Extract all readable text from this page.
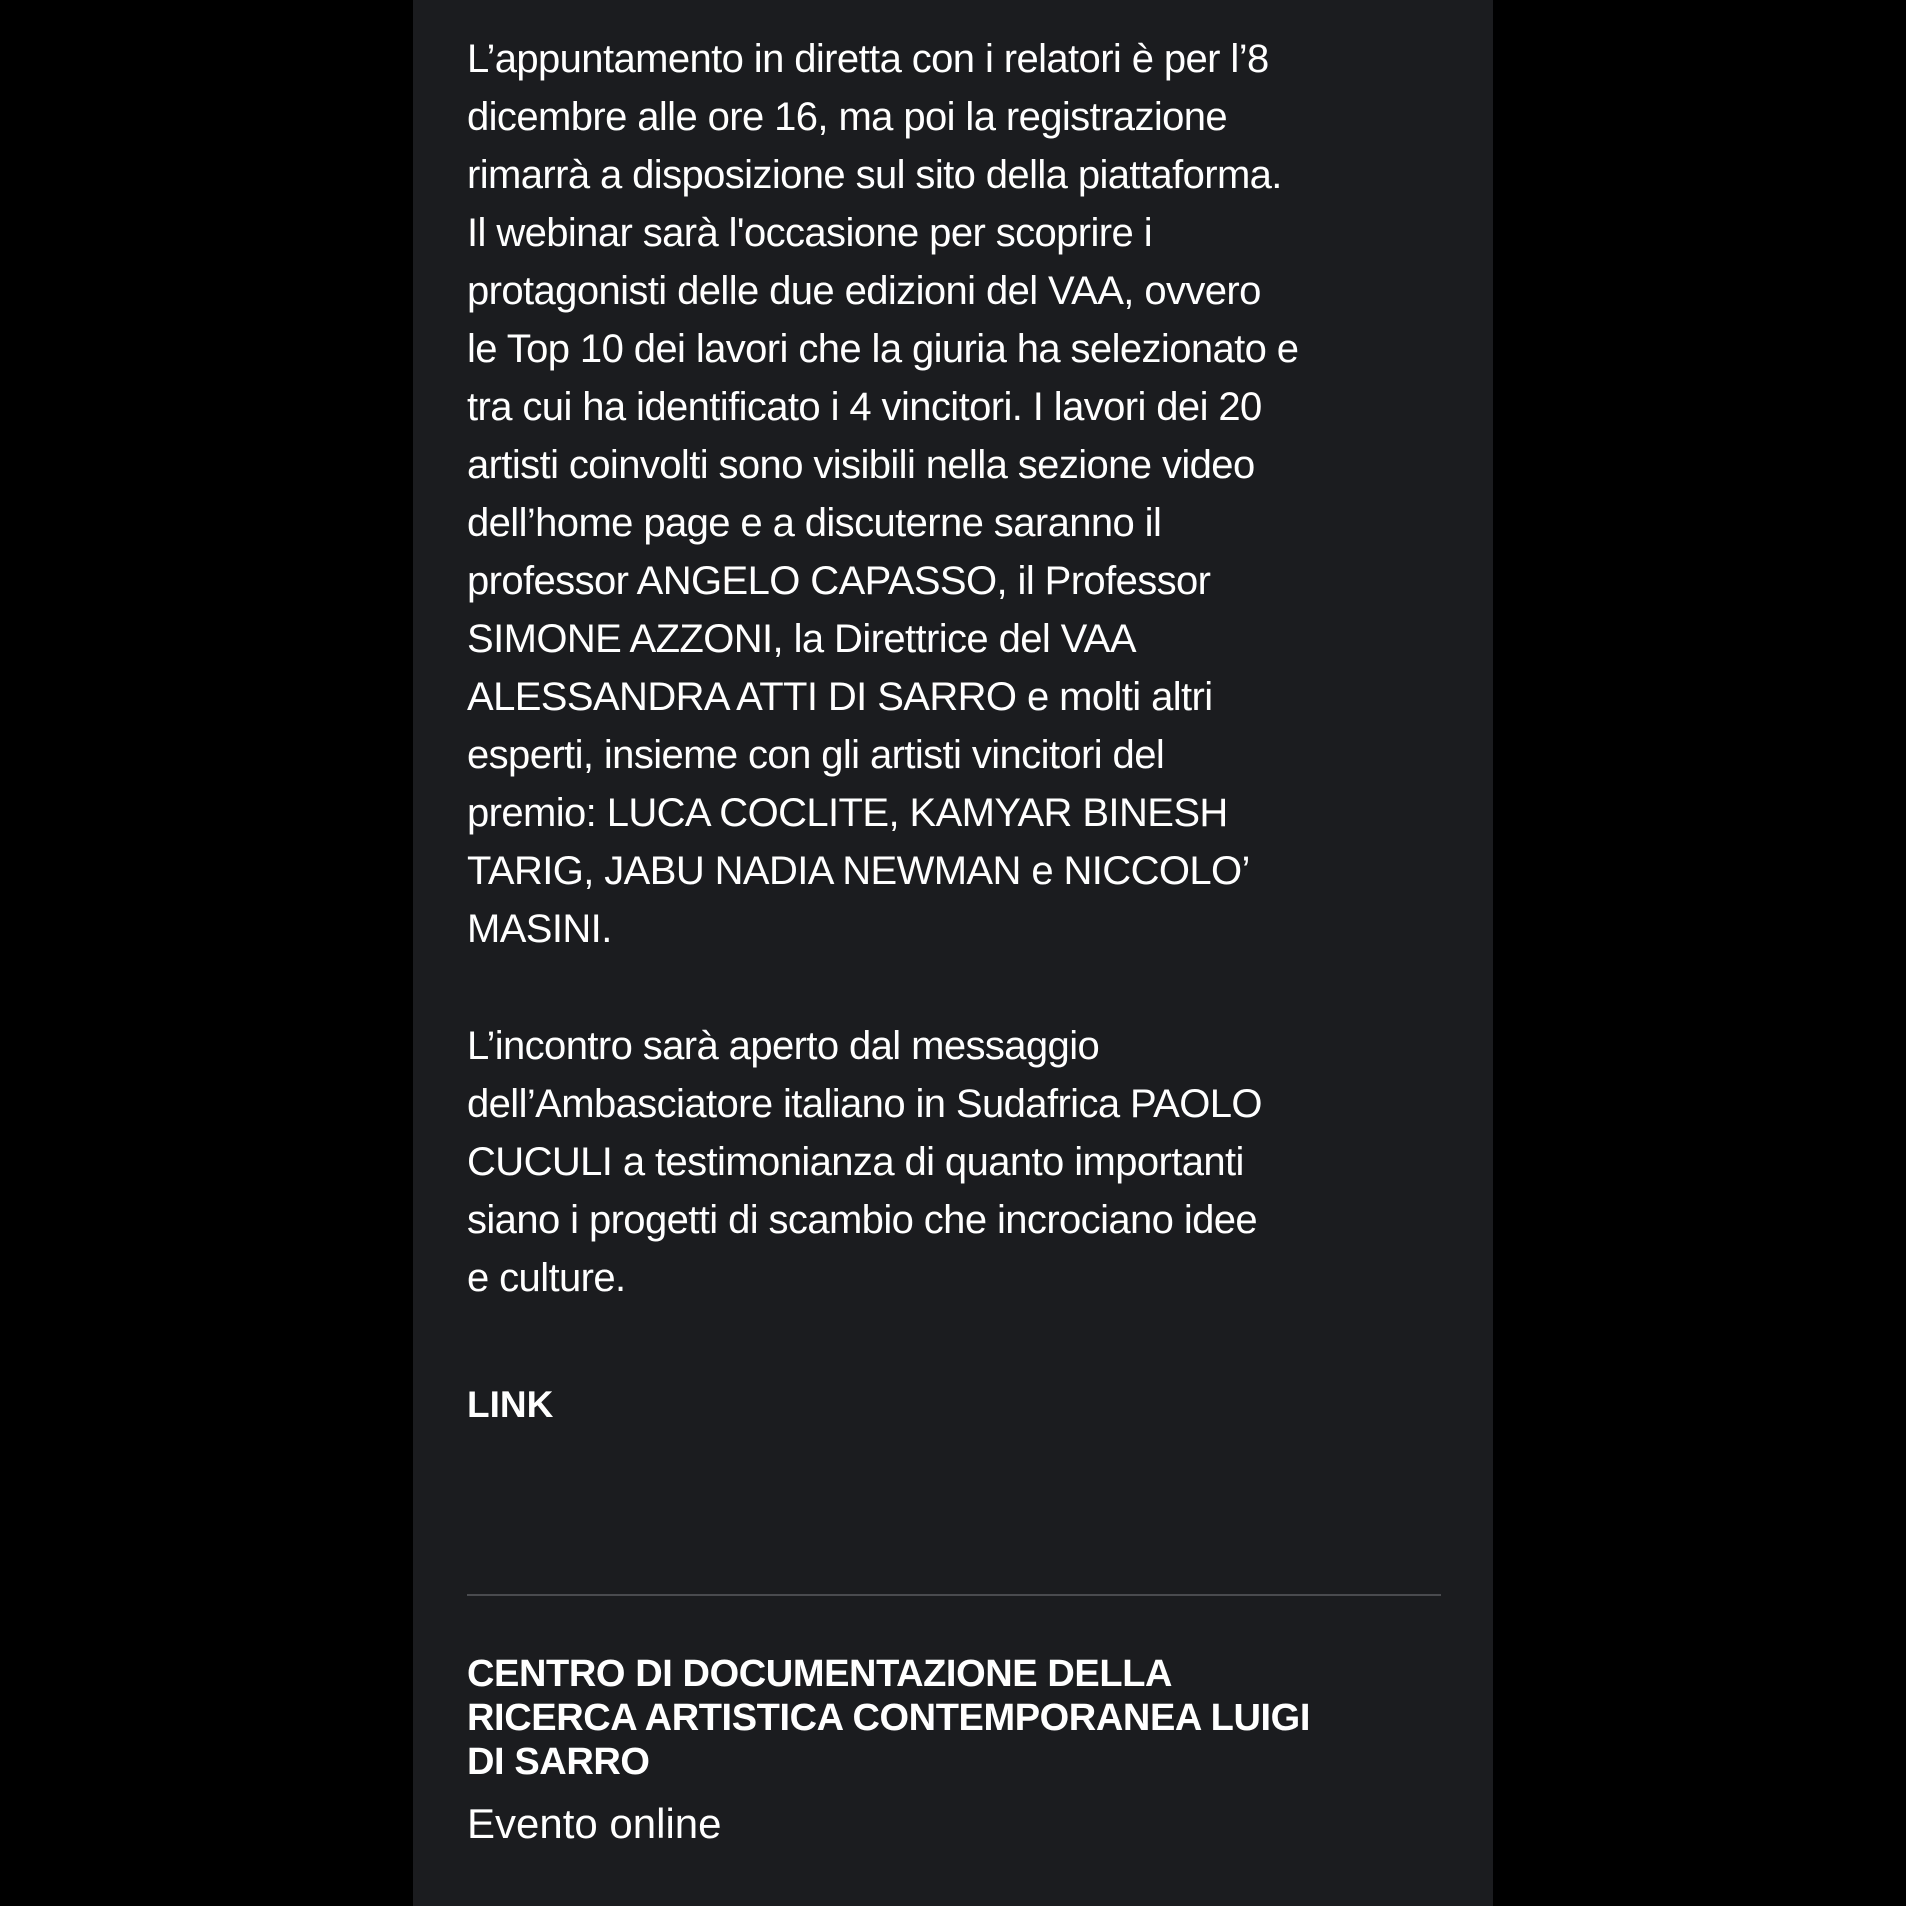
L’appuntamento in diretta con i relatori è per l’8
dicembre alle ore 16, ma poi la registrazione
rimarrà a disposizione sul sito della piattaforma.
Il webinar sarà l'occasione per scoprire i
protagonisti delle due edizioni del VAA, ovvero
le Top 10 dei lavori che la giuria ha selezionato e
tra cui ha identificato i 4 vincitori. I lavori dei 20
artisti coinvolti sono visibili nella sezione video
dell’home page e a discuterne saranno il
professor ANGELO CAPASSO, il Professor
SIMONE AZZONI, la Direttrice del VAA
ALESSANDRA ATTI DI SARRO e molti altri
esperti, insieme con gli artisti vincitori del
premio: LUCA COCLITE, KAMYAR BINESH
TARIG, JABU NADIA NEWMAN e NICCOLO’
MASINI.

L’incontro sarà aperto dal messaggio
dell’Ambasciatore italiano in Sudafrica PAOLO
CUCULI a testimonianza di quanto importanti
siano i progetti di scambio che incrociano idee
e culture.

LINK
CENTRO DI DOCUMENTAZIONE DELLA
RICERCA ARTISTICA CONTEMPORANEA LUIGI
DI SARRO
Evento online
